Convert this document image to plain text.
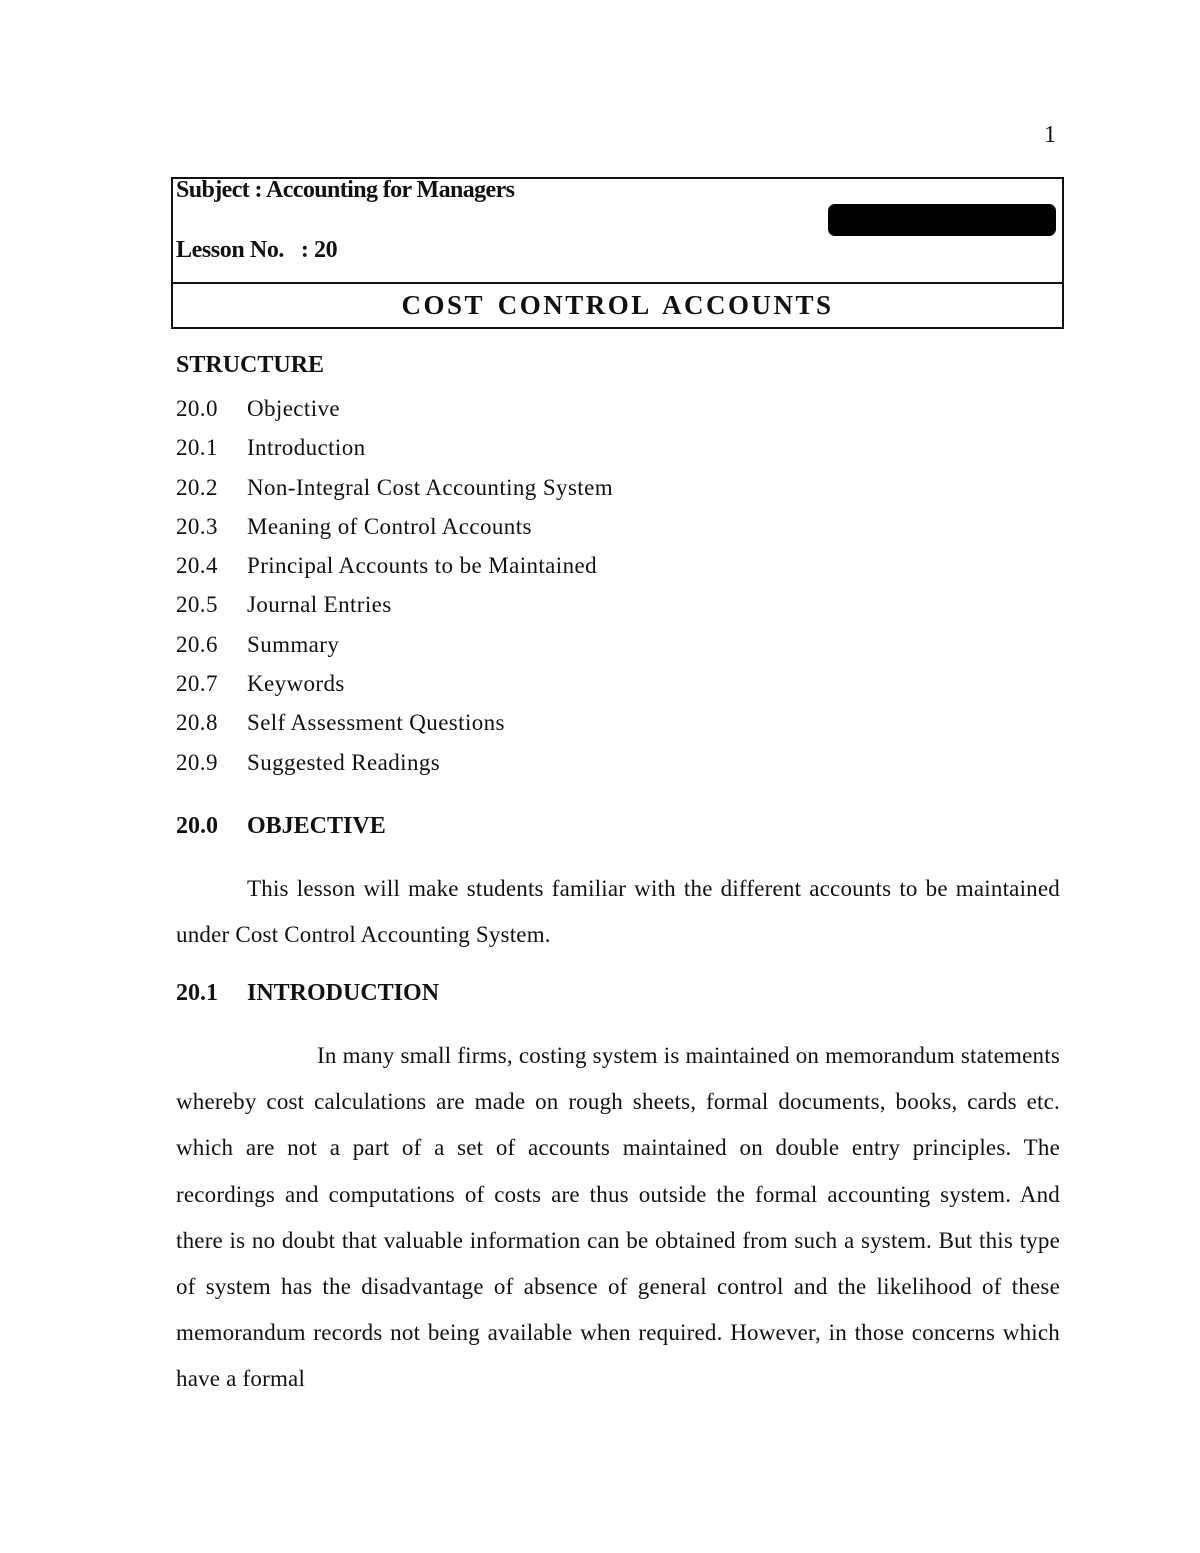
1
Subject : Accounting for Managers
Lesson No.   : 20
COST CONTROL ACCOUNTS
STRUCTURE
20.0 Objective
20.1 Introduction
20.2 Non-Integral Cost Accounting System
20.3 Meaning of Control Accounts
20.4 Principal Accounts to be Maintained
20.5 Journal Entries
20.6 Summary
20.7 Keywords
20.8 Self Assessment Questions
20.9 Suggested Readings
20.0 OBJECTIVE

This lesson will make students familiar with the different accounts to be maintained under Cost Control Accounting System.

20.1 INTRODUCTION

In many small firms, costing system is maintained on memorandum statements whereby cost calculations are made on rough sheets, formal documents, books, cards etc. which are not a part of a set of accounts maintained on double entry principles. The recordings and computations of costs are thus outside the formal accounting system. And there is no doubt that valuable information can be obtained from such a system. But this type of system has the disadvantage of absence of general control and the likelihood of these memorandum records not being available when required. However, in those concerns which have a formal
